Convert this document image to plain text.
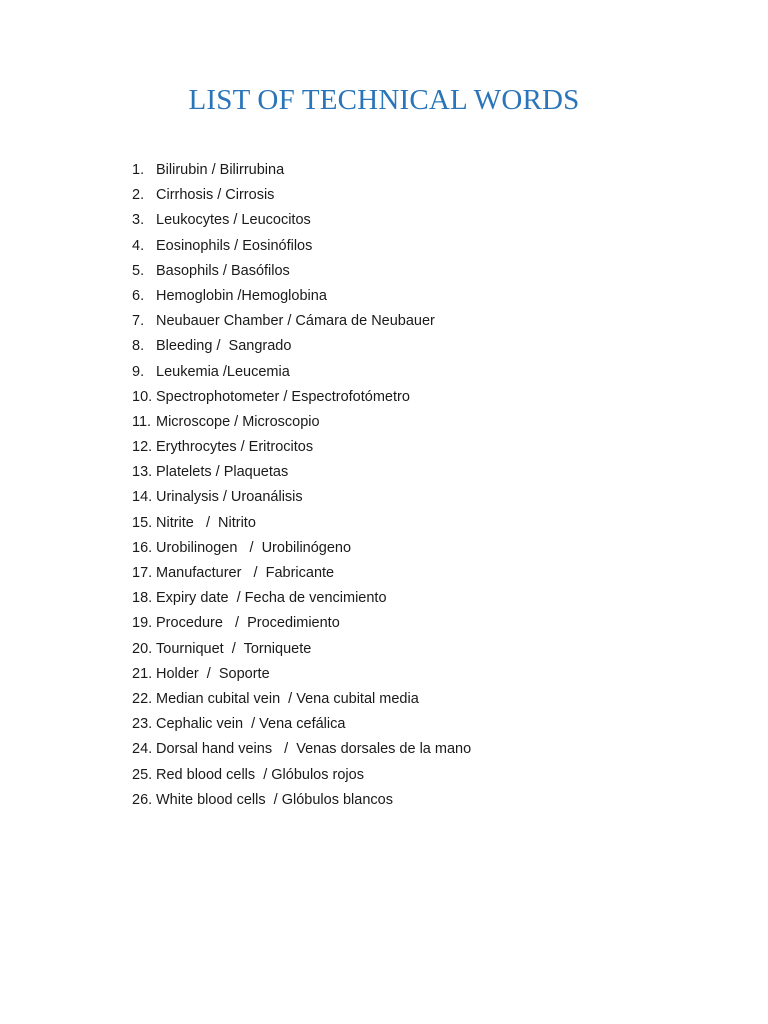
LIST OF TECHNICAL WORDS
1. Bilirubin / Bilirrubina
2. Cirrhosis / Cirrosis
3. Leukocytes / Leucocitos
4. Eosinophils / Eosinófilos
5. Basophils / Basófilos
6. Hemoglobin /Hemoglobina
7. Neubauer Chamber / Cámara de Neubauer
8. Bleeding /  Sangrado
9. Leukemia /Leucemia
10. Spectrophotometer / Espectrofotómetro
11. Microscope / Microscopio
12. Erythrocytes / Eritrocitos
13. Platelets / Plaquetas
14. Urinalysis / Uroanálisis
15. Nitrite   /  Nitrito
16. Urobilinogen   /  Urobilinógeno
17. Manufacturer   /  Fabricante
18. Expiry date  / Fecha de vencimiento
19. Procedure   /  Procedimiento
20. Tourniquet  /  Torniquete
21. Holder  /  Soporte
22. Median cubital vein  / Vena cubital media
23. Cephalic vein  / Vena cefálica
24. Dorsal hand veins   /  Venas dorsales de la mano
25. Red blood cells  / Glóbulos rojos
26. White blood cells  / Glóbulos blancos
